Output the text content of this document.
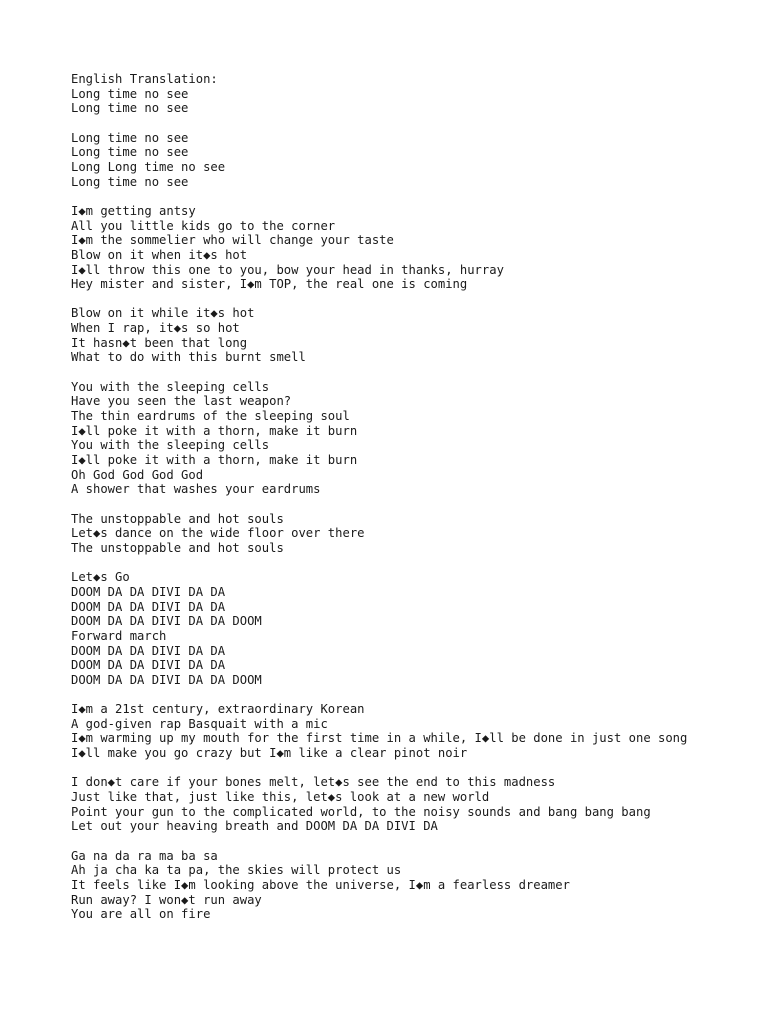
English Translation:
Long time no see
Long time no see
Long time no see
Long time no see
Long Long time no see
Long time no see
I◆m getting antsy
All you little kids go to the corner
I◆m the sommelier who will change your taste
Blow on it when it◆s hot
I◆ll throw this one to you, bow your head in thanks, hurray
Hey mister and sister, I◆m TOP, the real one is coming
Blow on it while it◆s hot
When I rap, it◆s so hot
It hasn◆t been that long
What to do with this burnt smell
You with the sleeping cells
Have you seen the last weapon?
The thin eardrums of the sleeping soul
I◆ll poke it with a thorn, make it burn
You with the sleeping cells
I◆ll poke it with a thorn, make it burn
Oh God God God God
A shower that washes your eardrums
The unstoppable and hot souls
Let◆s dance on the wide floor over there
The unstoppable and hot souls
Let◆s Go
DOOM DA DA DIVI DA DA
DOOM DA DA DIVI DA DA
DOOM DA DA DIVI DA DA DOOM
Forward march
DOOM DA DA DIVI DA DA
DOOM DA DA DIVI DA DA
DOOM DA DA DIVI DA DA DOOM
I◆m a 21st century, extraordinary Korean
A god-given rap Basquait with a mic
I◆m warming up my mouth for the first time in a while, I◆ll be done in just one song
I◆ll make you go crazy but I◆m like a clear pinot noir
I don◆t care if your bones melt, let◆s see the end to this madness
Just like that, just like this, let◆s look at a new world
Point your gun to the complicated world, to the noisy sounds and bang bang bang
Let out your heaving breath and DOOM DA DA DIVI DA
Ga na da ra ma ba sa
Ah ja cha ka ta pa, the skies will protect us
It feels like I◆m looking above the universe, I◆m a fearless dreamer
Run away? I won◆t run away
You are all on fire
